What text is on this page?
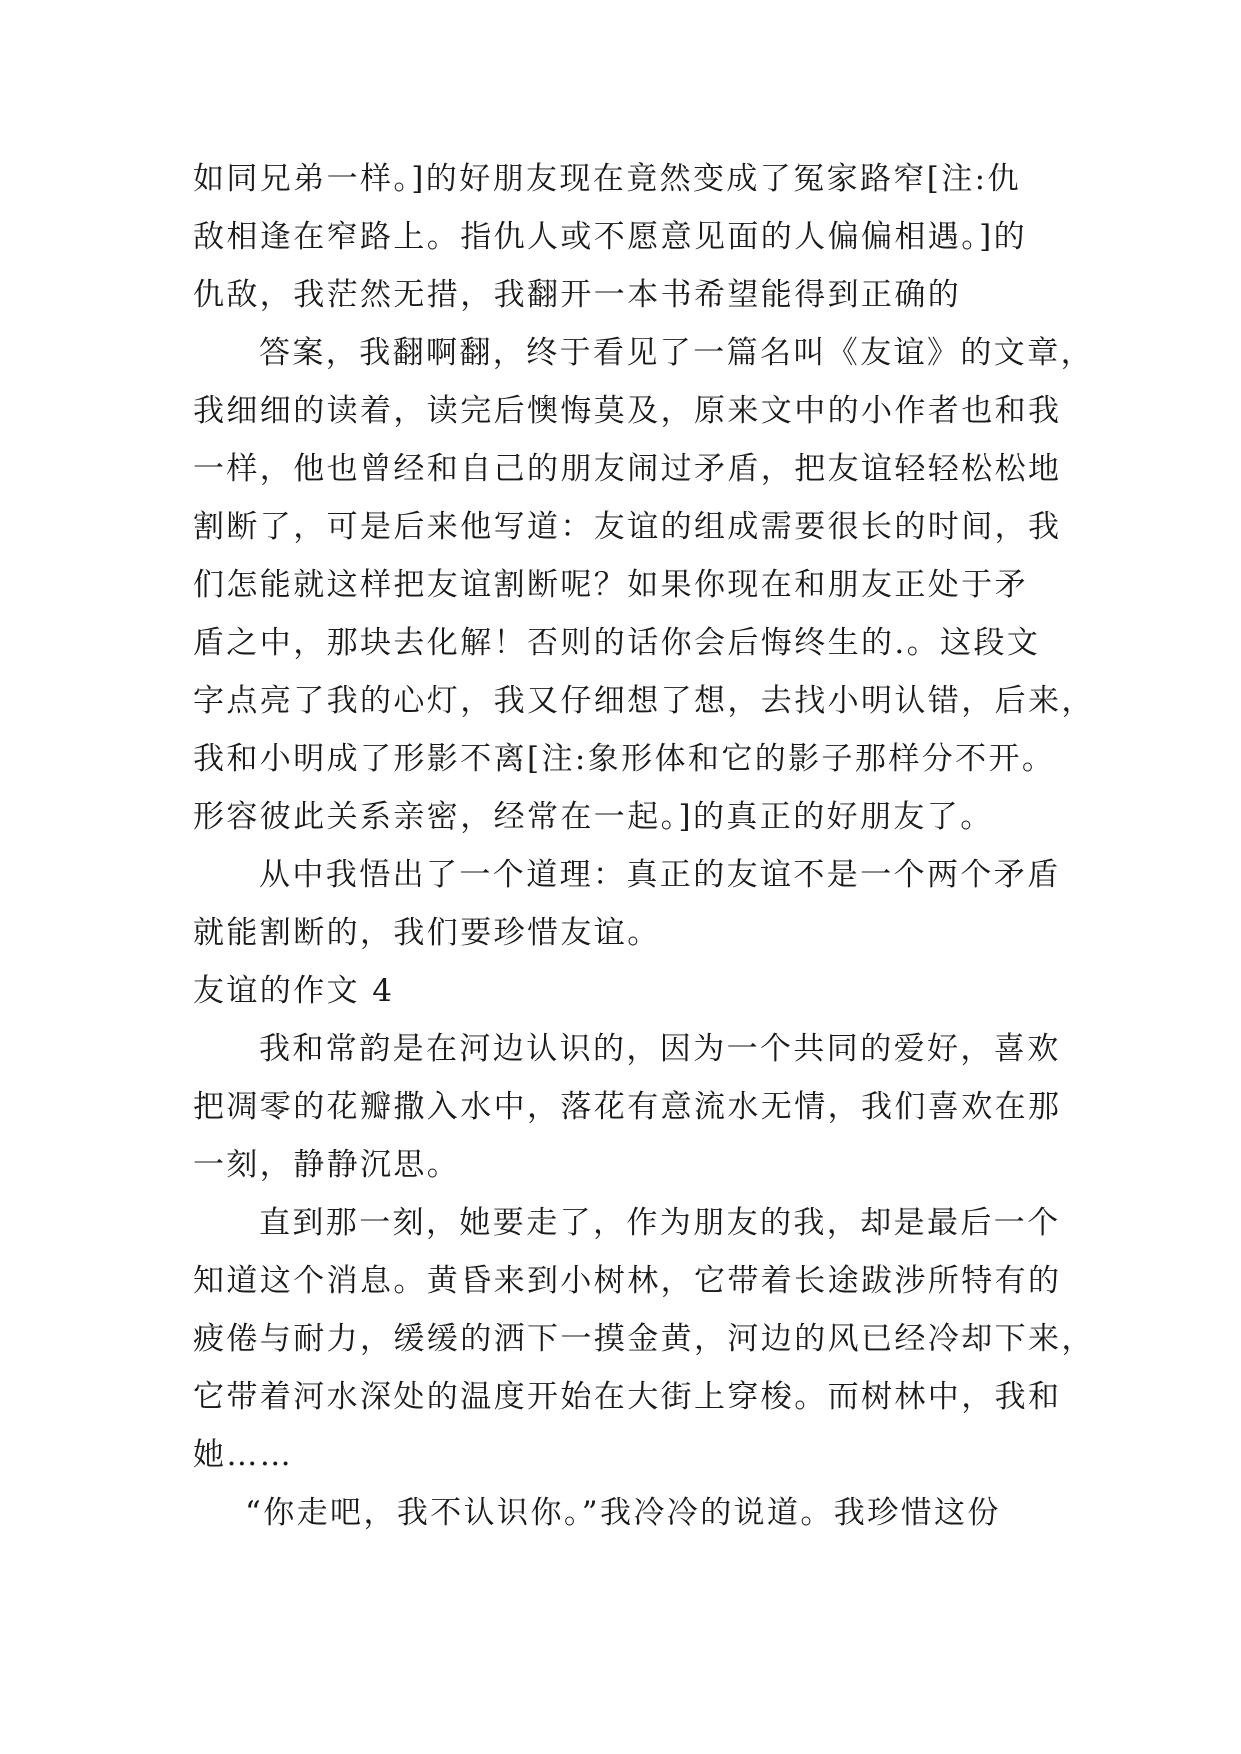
如同兄弟一样。]的好朋友现在竟然变成了冤家路窄[注:仇
敌相逢在窄路上。指仇人或不愿意见面的人偏偏相遇。]的
仇敌，我茫然无措，我翻开一本书希望能得到正确的
答案，我翻啊翻，终于看见了一篇名叫《友谊》的文章，
我细细的读着，读完后懊悔莫及，原来文中的小作者也和我
一样，他也曾经和自己的朋友闹过矛盾，把友谊轻轻松松地
割断了，可是后来他写道：友谊的组成需要很长的时间，我
们怎能就这样把友谊割断呢？如果你现在和朋友正处于矛
盾之中，那块去化解！否则的话你会后悔终生的.。这段文
字点亮了我的心灯，我又仔细想了想，去找小明认错，后来，
我和小明成了形影不离[注:象形体和它的影子那样分不开。
形容彼此关系亲密，经常在一起。]的真正的好朋友了。
从中我悟出了一个道理：真正的友谊不是一个两个矛盾
就能割断的，我们要珍惜友谊。
友谊的作文 4
我和常韵是在河边认识的，因为一个共同的爱好，喜欢
把凋零的花瓣撒入水中，落花有意流水无情，我们喜欢在那
一刻，静静沉思。
直到那一刻，她要走了，作为朋友的我，却是最后一个
知道这个消息。黄昏来到小树林，它带着长途跋涉所特有的
疲倦与耐力，缓缓的洒下一摸金黄，河边的风已经冷却下来，
它带着河水深处的温度开始在大街上穿梭。而树林中，我和
她……
“你走吧，我不认识你。”我冷冷的说道。我珍惜这份
